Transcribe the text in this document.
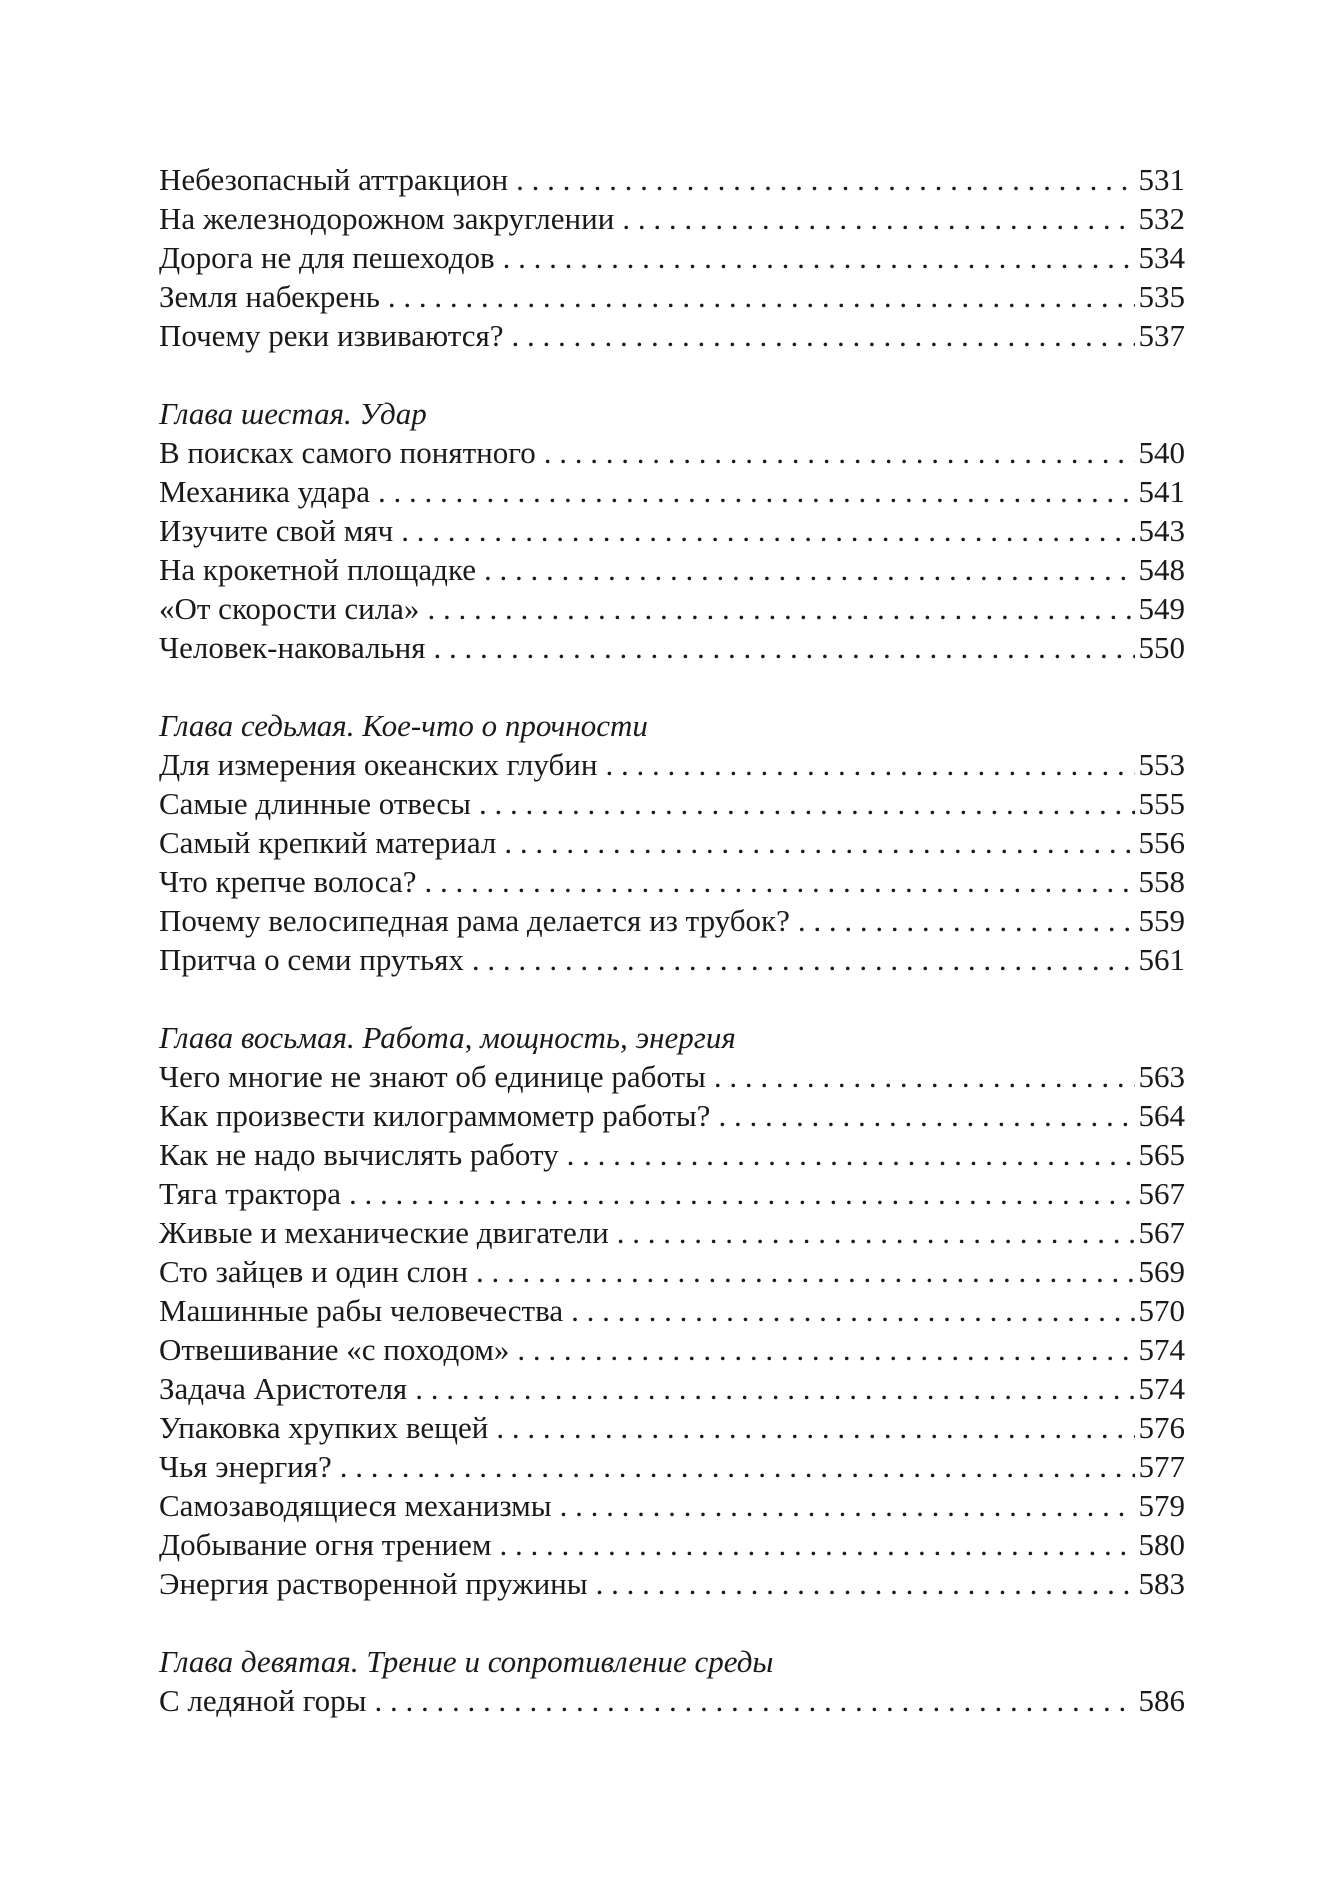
Небезопасный аттракцион . . .	531
На железнодорожном закруглении . . .	532
Дорога не для пешеходов . . .	534
Земля набекрень . . .	535
Почему реки извиваются? . . .	537
Глава шестая. Удар
В поисках самого понятного . . .	540
Механика удара . . .	541
Изучите свой мяч . . .	543
На крокетной площадке . . .	548
«От скорости сила» . . .	549
Человек-наковальня . . .	550
Глава седьмая. Кое-что о прочности
Для измерения океанских глубин . . .	553
Самые длинные отвесы . . .	555
Самый крепкий материал . . .	556
Что крепче волоса? . . .	558
Почему велосипедная рама делается из трубок? . . .	559
Притча о семи прутьях . . .	561
Глава восьмая. Работа, мощность, энергия
Чего многие не знают об единице работы . . .	563
Как произвести килограммометр работы? . . .	564
Как не надо вычислять работу . . .	565
Тяга трактора . . .	567
Живые и механические двигатели . . .	567
Сто зайцев и один слон . . .	569
Машинные рабы человечества . . .	570
Отвешивание «с походом» . . .	574
Задача Аристотеля . . .	574
Упаковка хрупких вещей . . .	576
Чья энергия? . . .	577
Самозаводящиеся механизмы . . .	579
Добывание огня трением . . .	580
Энергия растворенной пружины . . .	583
Глава девятая. Трение и сопротивление среды
С ледяной горы . . .	586
